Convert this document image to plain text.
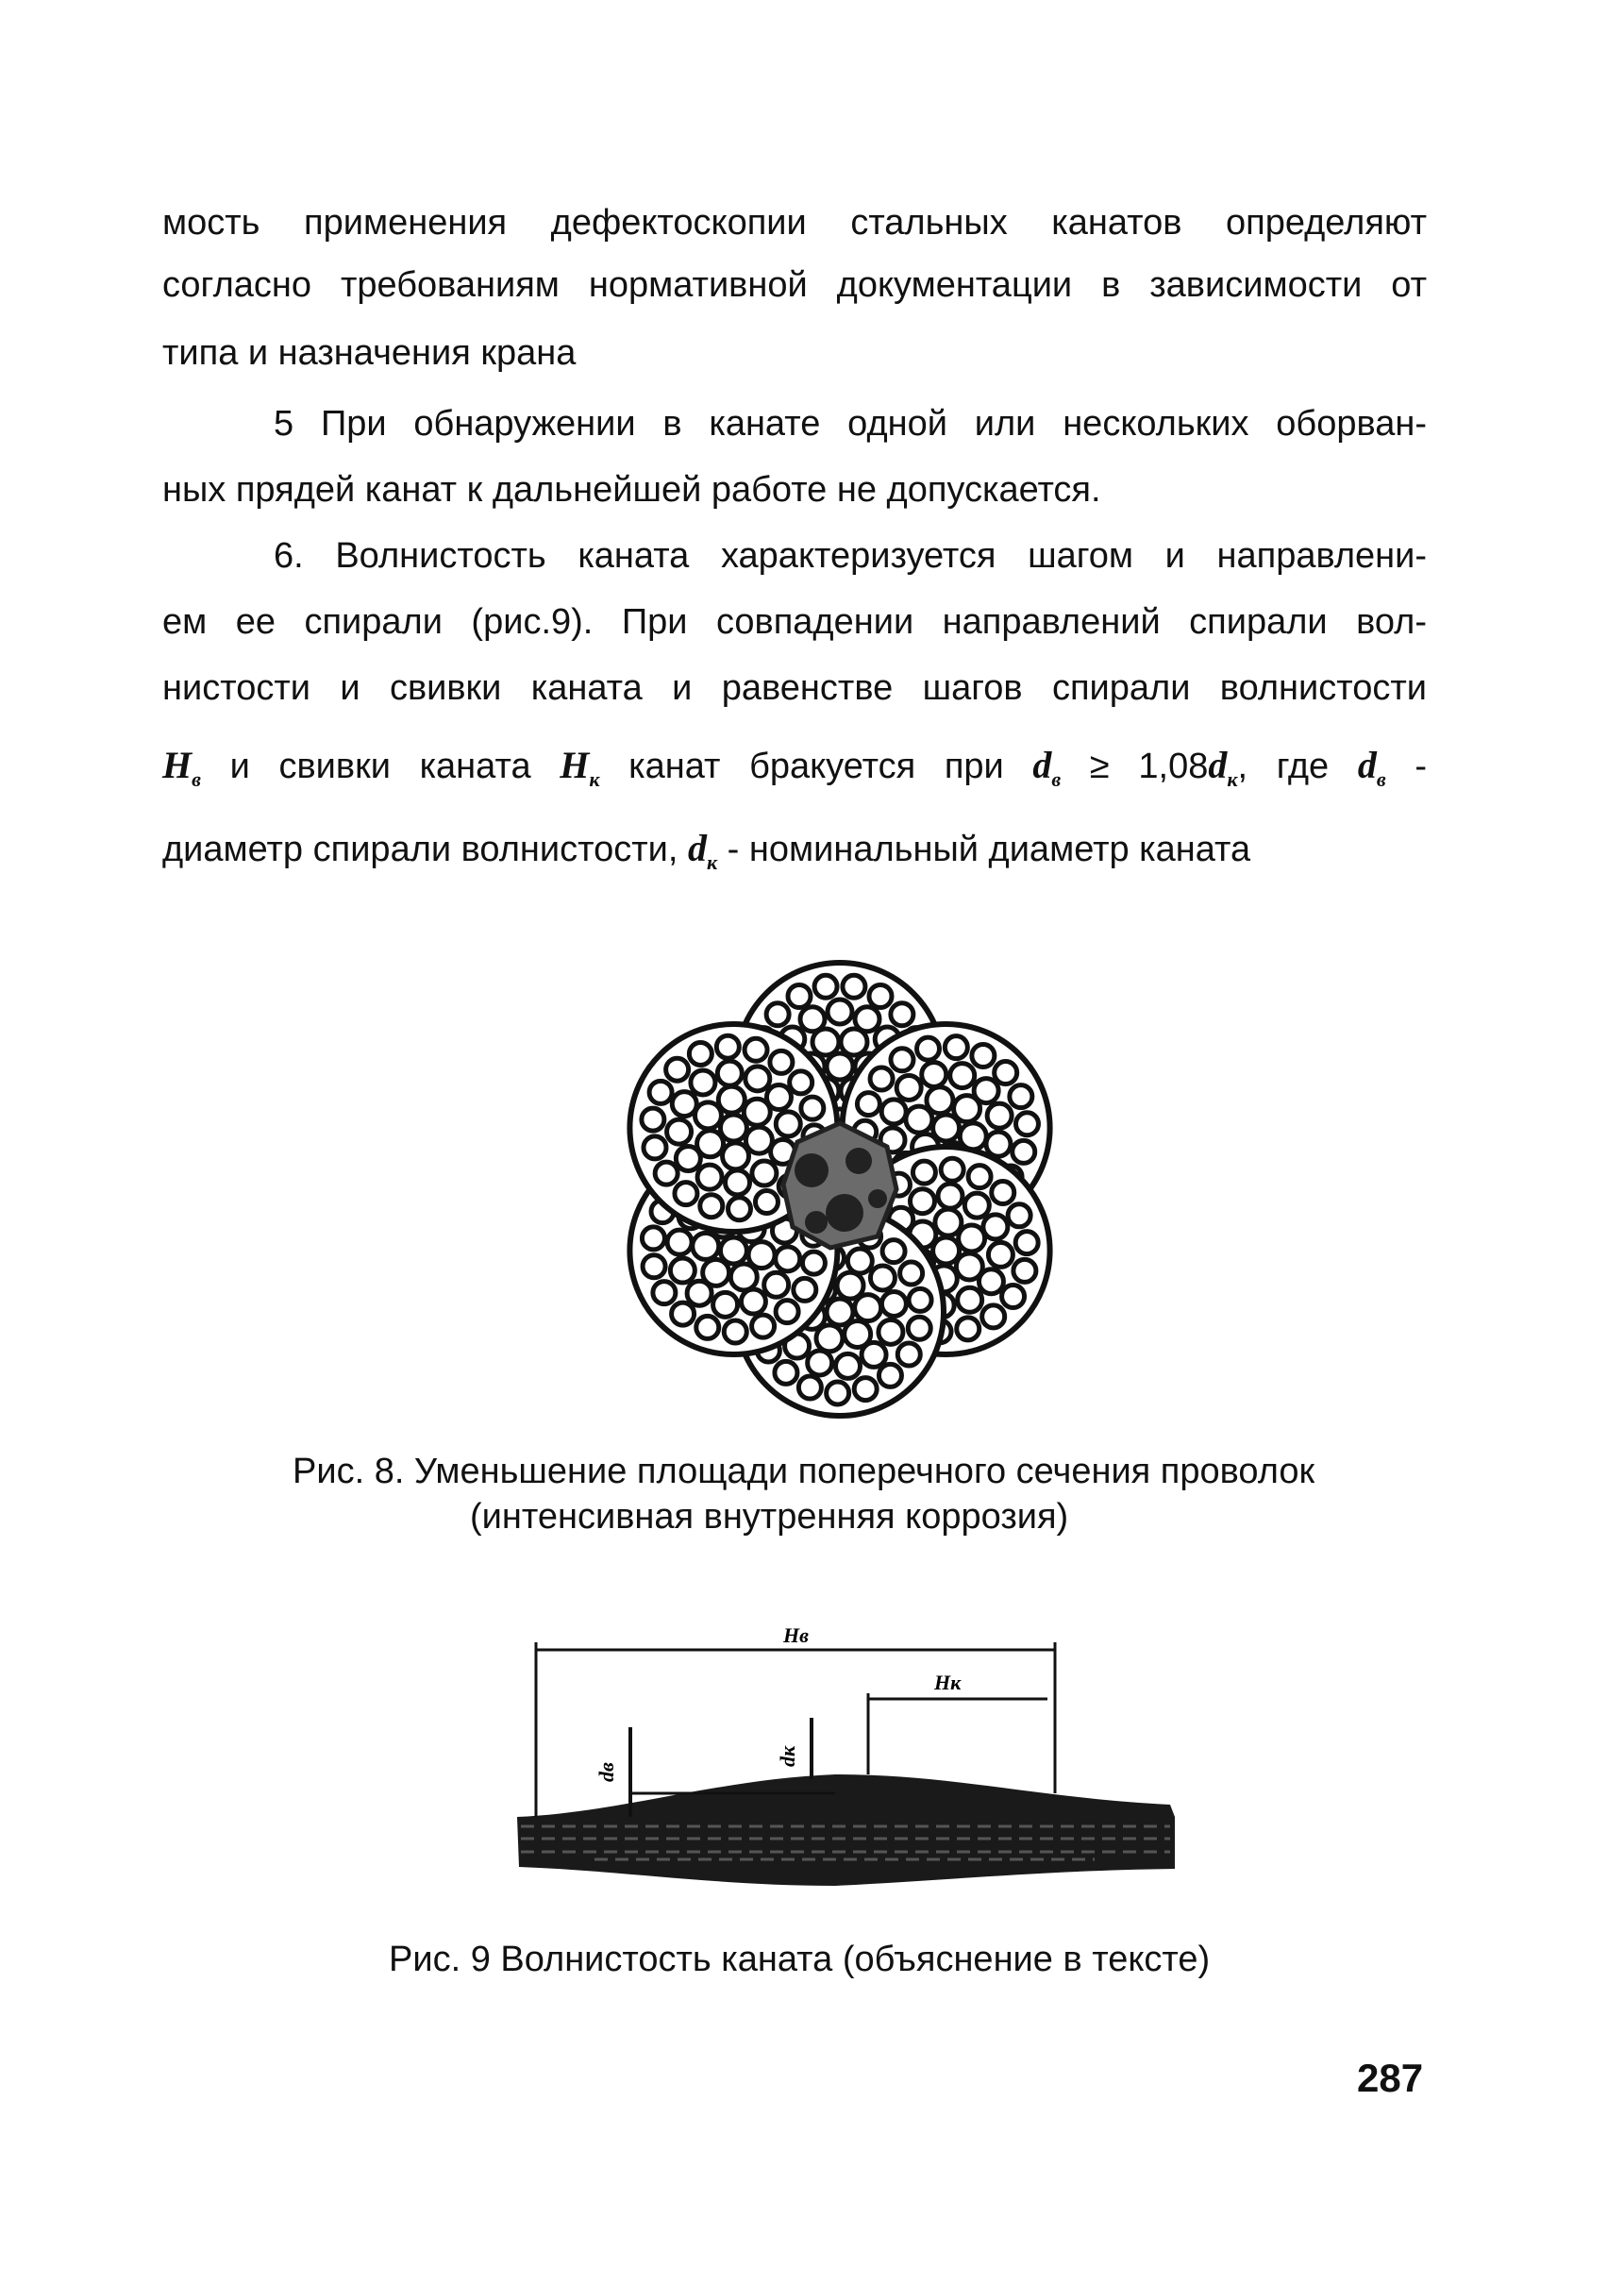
мость применения дефектоскопии стальных канатов определяют
согласно требованиям нормативной документации в зависимости от
типа и назначения крана
5 При обнаружении в канате одной или нескольких оборван-
ных прядей канат к дальнейшей работе не допускается.
6. Волнистость каната характеризуется шагом и направлени-
ем ее спирали (рис.9). При совпадении направлений спирали вол-
нистости и свивки каната и равенстве шагов спирали волнистости
$H_в$ и свивки каната $H_к$ канат бракуется при $d_в \ge 1,08d_к$, где $d_в$ -
диаметр спирали волнистости, $d_к$ - номинальный диаметр каната
Рис. 8. Уменьшение площади поперечного сечения проволок
(интенсивная внутренняя коррозия)
Hв
Hк
dв
dк
Рис. 9 Волнистость каната (объяснение в тексте)
287
